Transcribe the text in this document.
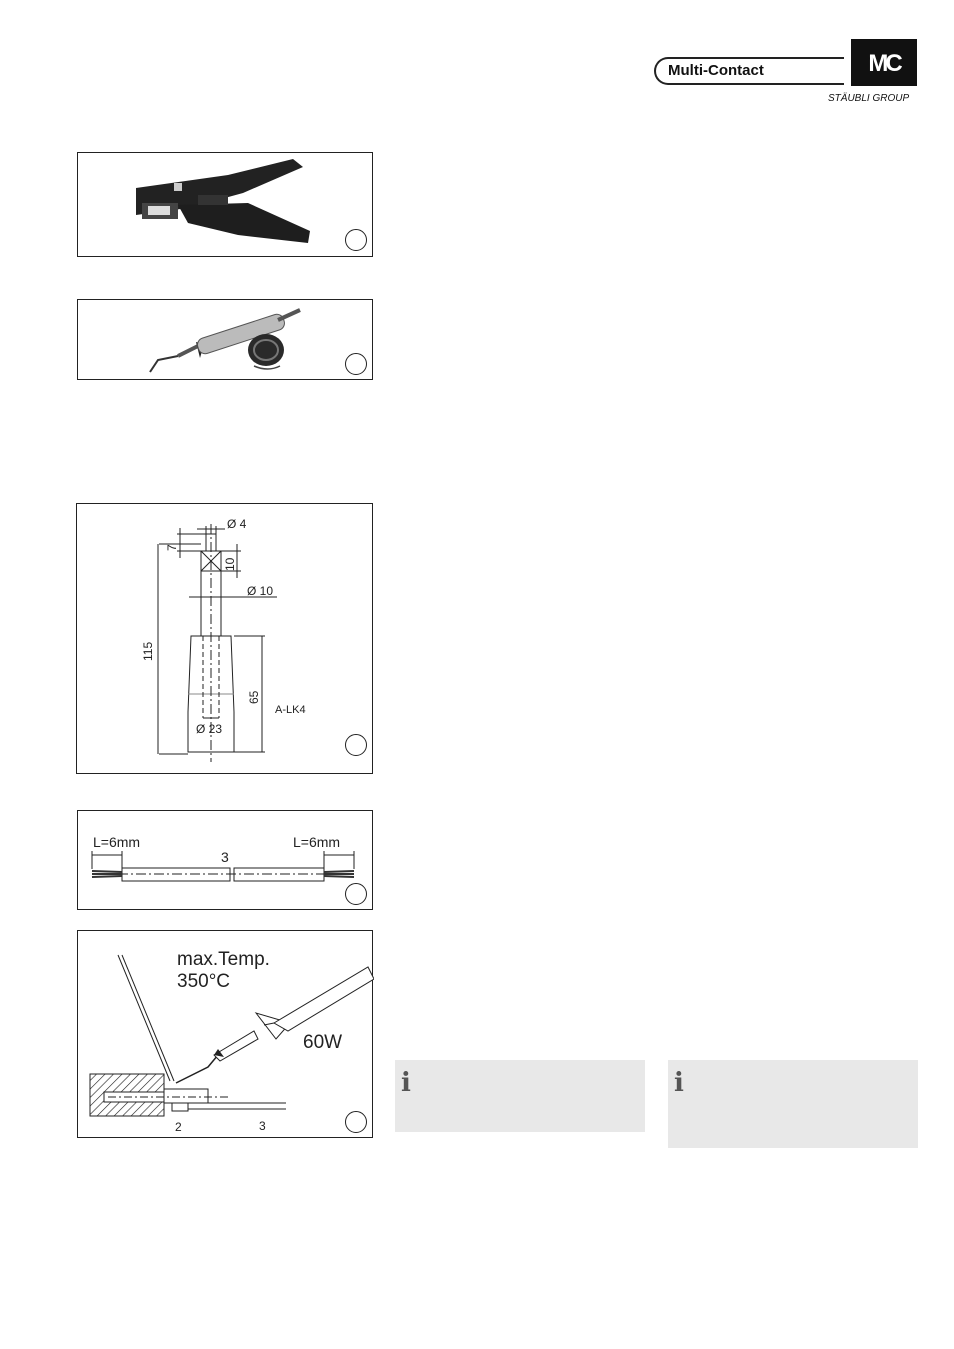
Multi-Contact	MC
STÄUBLI GROUP
Ø 4
7
10
Ø 10
115
65
A-LK4
Ø 23
L=6mm	L=6mm
3
max.Temp.
350°C
60W
2	3
i	i
